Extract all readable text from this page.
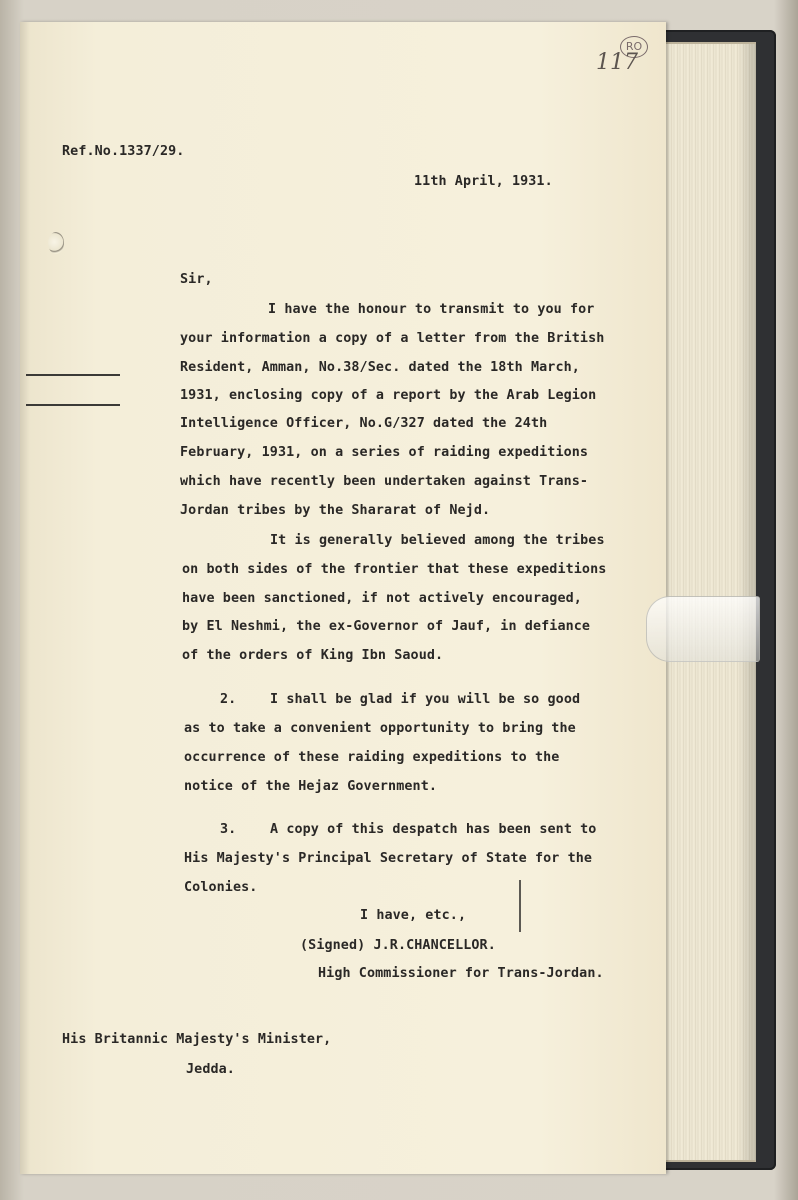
RO
117

Ref.No.1337/29.

11th April, 1931.

Sir,

I have the honour to transmit to you for

your information a copy of a letter from the British

Resident, Amman, No.38/Sec. dated the 18th March,

1931, enclosing copy of a report by the Arab Legion

Intelligence Officer, No.G/327 dated the 24th

February, 1931, on a series of raiding expeditions

which have recently been undertaken against Trans-

Jordan tribes by the Shararat of Nejd.

It is generally believed among the tribes

on both sides of the frontier that these expeditions

have been sanctioned, if not actively encouraged,

by El Neshmi, the ex-Governor of Jauf, in defiance

of the orders of King Ibn Saoud.

2.	I shall be glad if you will be so good

as to take a convenient opportunity to bring the

occurrence of these raiding expeditions to the

notice of the Hejaz Government.

3.	A copy of this despatch has been sent to

His Majesty's Principal Secretary of State for the

Colonies.

I have, etc.,

(Signed) J.R.CHANCELLOR.

High Commissioner for Trans-Jordan.

His Britannic Majesty's Minister,

Jedda.
